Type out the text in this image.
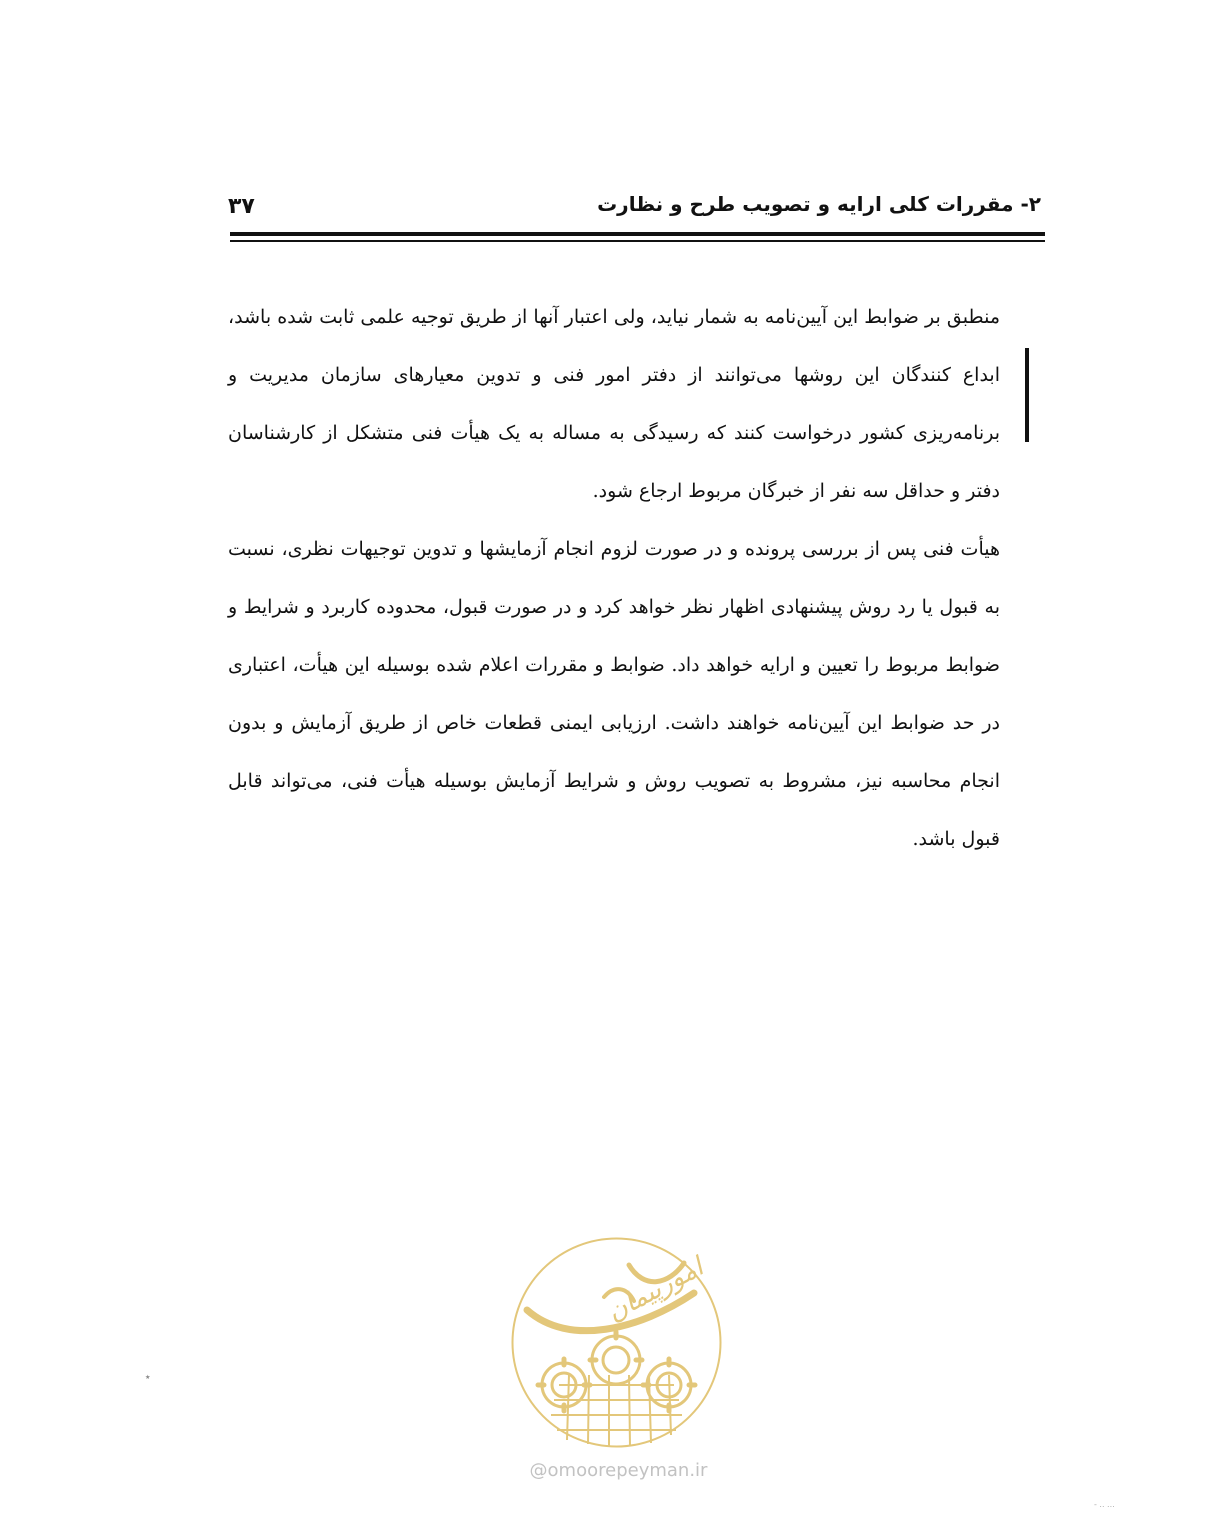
۲- مقررات کلی ارایه و تصویب طرح و نظارت
۳۷

منطبق بر ضوابط این آیین‌نامه به شمار نیاید، ولی اعتبار آنها از طریق توجیه علمی ثابت شده باشد، ابداع کنندگان این روشها می‌توانند از دفتر امور فنی و تدوین معیارهای سازمان مدیریت و برنامه‌ریزی کشور درخواست کنند که رسیدگی به مساله به یک هیأت فنی متشکل از کارشناسان دفتر و حداقل سه نفر از خبرگان مربوط ارجاع شود.

هیأت فنی پس از بررسی پرونده و در صورت لزوم انجام آزمایشها و تدوین توجیهات نظری، نسبت به قبول یا رد روش پیشنهادی اظهار نظر خواهد کرد و در صورت قبول، محدوده کاربرد و شرایط و ضوابط مربوط را تعیین و ارایه خواهد داد. ضوابط و مقررات اعلام شده بوسیله این هیأت، اعتباری در حد ضوابط این آیین‌نامه خواهند داشت. ارزیابی ایمنی قطعات خاص از طریق آزمایش و بدون انجام محاسبه نیز، مشروط به تصویب روش و شرایط آزمایش بوسیله هیأت فنی، می‌تواند قابل قبول باشد.

٭
- .. ...
امورپیمان
@omoorepeyman.ir
